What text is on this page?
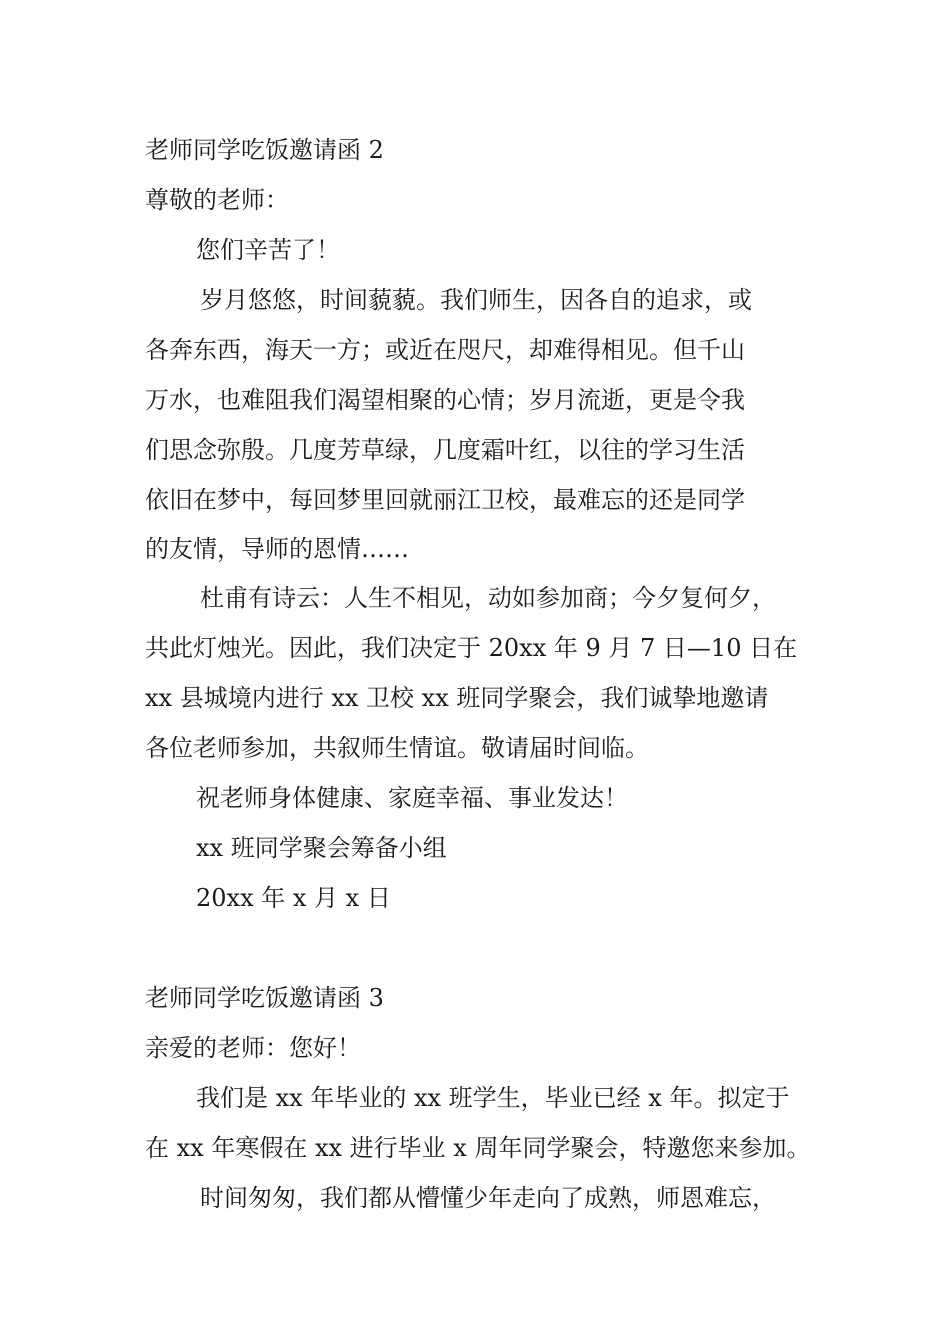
老师同学吃饭邀请函 2

尊敬的老师：

您们辛苦了！

岁月悠悠，时间藐藐。我们师生，因各自的追求，或

各奔东西，海天一方；或近在咫尺，却难得相见。但千山

万水，也难阻我们渴望相聚的心情；岁月流逝，更是令我

们思念弥殷。几度芳草绿，几度霜叶红，以往的学习生活

依旧在梦中，每回梦里回就丽江卫校，最难忘的还是同学

的友情，导师的恩情……

杜甫有诗云：人生不相见，动如参加商；今夕复何夕，

共此灯烛光。因此，我们决定于 20xx 年 9 月 7 日—10 日在

xx 县城境内进行 xx 卫校 xx 班同学聚会，我们诚挚地邀请

各位老师参加，共叙师生情谊。敬请届时间临。

祝老师身体健康、家庭幸福、事业发达！

xx 班同学聚会筹备小组

20xx 年 x 月 x 日

老师同学吃饭邀请函 3

亲爱的老师：您好！

我们是 xx 年毕业的 xx 班学生，毕业已经 x 年。拟定于

在 xx 年寒假在 xx 进行毕业 x 周年同学聚会，特邀您来参加。

时间匆匆，我们都从懵懂少年走向了成熟，师恩难忘，
